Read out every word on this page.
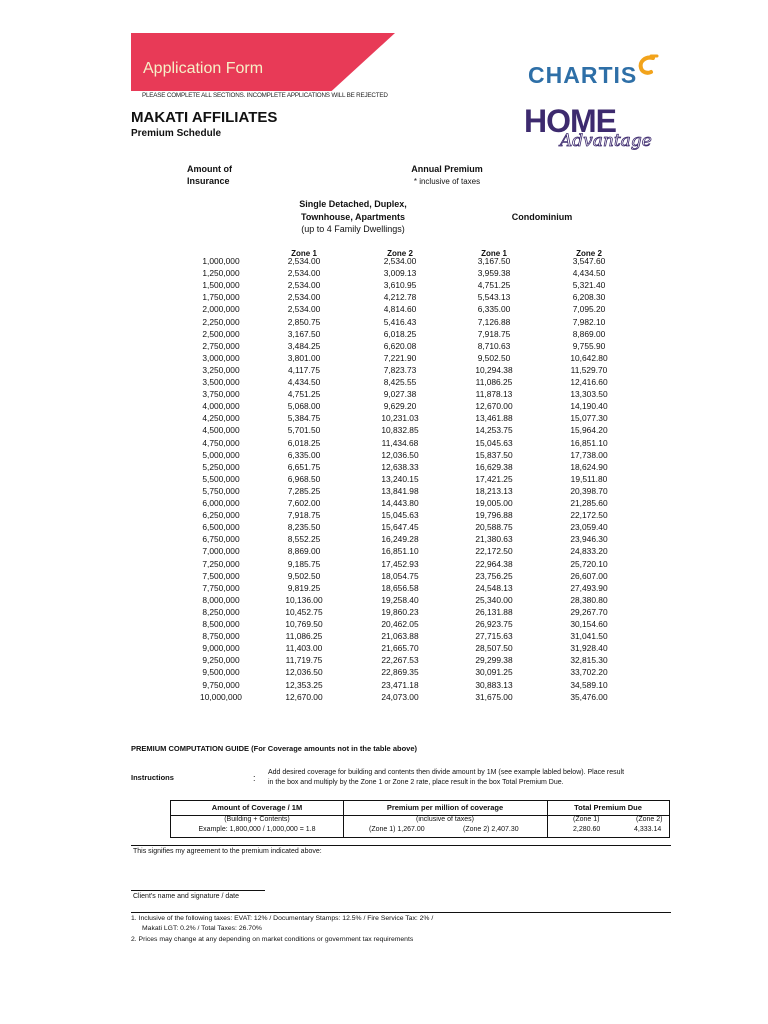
Application Form
PLEASE COMPLETE ALL SECTIONS. INCOMPLETE APPLICATIONS WILL BE REJECTED
CHARTIS
HOME
Advantage
MAKATI AFFILIATES
Premium Schedule
Amount of
Insurance
Annual Premium
* inclusive of taxes
Single Detached, Duplex,
Townhouse, Apartments
(up to 4 Family Dwellings)
Condominium
Zone 1	Zone 2	Zone 1	Zone 2
1,000,000	2,534.00	2,534.00	3,167.50	3,547.60
1,250,000	2,534.00	3,009.13	3,959.38	4,434.50
1,500,000	2,534.00	3,610.95	4,751.25	5,321.40
1,750,000	2,534.00	4,212.78	5,543.13	6,208.30
2,000,000	2,534.00	4,814.60	6,335.00	7,095.20
2,250,000	2,850.75	5,416.43	7,126.88	7,982.10
2,500,000	3,167.50	6,018.25	7,918.75	8,869.00
2,750,000	3,484.25	6,620.08	8,710.63	9,755.90
3,000,000	3,801.00	7,221.90	9,502.50	10,642.80
3,250,000	4,117.75	7,823.73	10,294.38	11,529.70
3,500,000	4,434.50	8,425.55	11,086.25	12,416.60
3,750,000	4,751.25	9,027.38	11,878.13	13,303.50
4,000,000	5,068.00	9,629.20	12,670.00	14,190.40
4,250,000	5,384.75	10,231.03	13,461.88	15,077.30
4,500,000	5,701.50	10,832.85	14,253.75	15,964.20
4,750,000	6,018.25	11,434.68	15,045.63	16,851.10
5,000,000	6,335.00	12,036.50	15,837.50	17,738.00
5,250,000	6,651.75	12,638.33	16,629.38	18,624.90
5,500,000	6,968.50	13,240.15	17,421.25	19,511.80
5,750,000	7,285.25	13,841.98	18,213.13	20,398.70
6,000,000	7,602.00	14,443.80	19,005.00	21,285.60
6,250,000	7,918.75	15,045.63	19,796.88	22,172.50
6,500,000	8,235.50	15,647.45	20,588.75	23,059.40
6,750,000	8,552.25	16,249.28	21,380.63	23,946.30
7,000,000	8,869.00	16,851.10	22,172.50	24,833.20
7,250,000	9,185.75	17,452.93	22,964.38	25,720.10
7,500,000	9,502.50	18,054.75	23,756.25	26,607.00
7,750,000	9,819.25	18,656.58	24,548.13	27,493.90
8,000,000	10,136.00	19,258.40	25,340.00	28,380.80
8,250,000	10,452.75	19,860.23	26,131.88	29,267.70
8,500,000	10,769.50	20,462.05	26,923.75	30,154.60
8,750,000	11,086.25	21,063.88	27,715.63	31,041.50
9,000,000	11,403.00	21,665.70	28,507.50	31,928.40
9,250,000	11,719.75	22,267.53	29,299.38	32,815.30
9,500,000	12,036.50	22,869.35	30,091.25	33,702.20
9,750,000	12,353.25	23,471.18	30,883.13	34,589.10
10,000,000	12,670.00	24,073.00	31,675.00	35,476.00
PREMIUM COMPUTATION GUIDE (For Coverage amounts not in the table above)
Instructions	:
Add desired coverage for building and contents then divide amount by 1M (see example labled below). Place result
in the box and multiply by the Zone 1 or Zone 2 rate, place result in the box Total Premium Due.
Amount of Coverage / 1M
(Building + Contents)
Example: 1,800,000 / 1,000,000 = 1.8
Premium per million of coverage
(inclusive of taxes)
(Zone 1) 1,267.00	(Zone 2) 2,407.30
Total Premium Due
(Zone 1)	(Zone 2)
2,280.60	4,333.14
This signifies my agreement to the premium indicated above:
Client's name and signature / date
1. Inclusive of the following taxes: EVAT: 12% / Documentary Stamps: 12.5% / Fire Service Tax: 2% /
Makati LGT: 0.2% / Total Taxes: 26.70%
2. Prices may change at any depending on market conditions or government tax requirements
